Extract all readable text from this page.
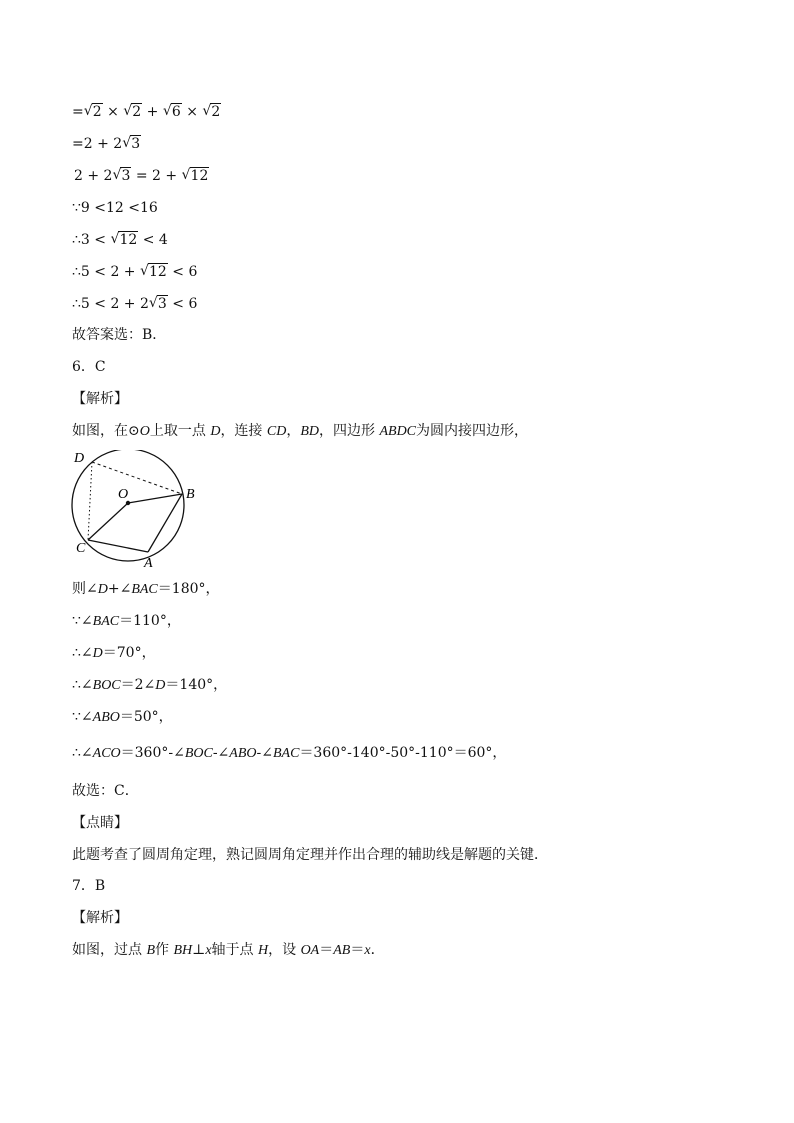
= √ 2 × √ 2 + √ 6 × √ 2
=2 + 2 √ 3
2 + 2 √ 3 = 2 + √ 12
∵9 <12 <16
∴3 < √ 12 < 4
∴5 < 2 + √ 12 < 6
∴5 < 2 + 2 √ 3 < 6
故答案选：B．
6．C
【解析】
如图，在⊙O上取一点 D，连接 CD，BD，四边形 ABDC为圆内接四边形，
D
O	B
C
A
则∠D+∠BAC＝180°，
∵∠BAC＝110°，
∴∠D＝70°，
∴∠BOC＝2∠D＝140°，
∵∠ABO＝50°，
∴∠ACO＝360°-∠BOC-∠ABO-∠BAC＝360°-140°-50°-110°＝60°，
故选：C．
【点睛】
此题考查了圆周角定理，熟记圆周角定理并作出合理的辅助线是解题的关键．
7．B
【解析】
如图，过点 B作 BH⊥x轴于点 H，设 OA＝AB＝x．
